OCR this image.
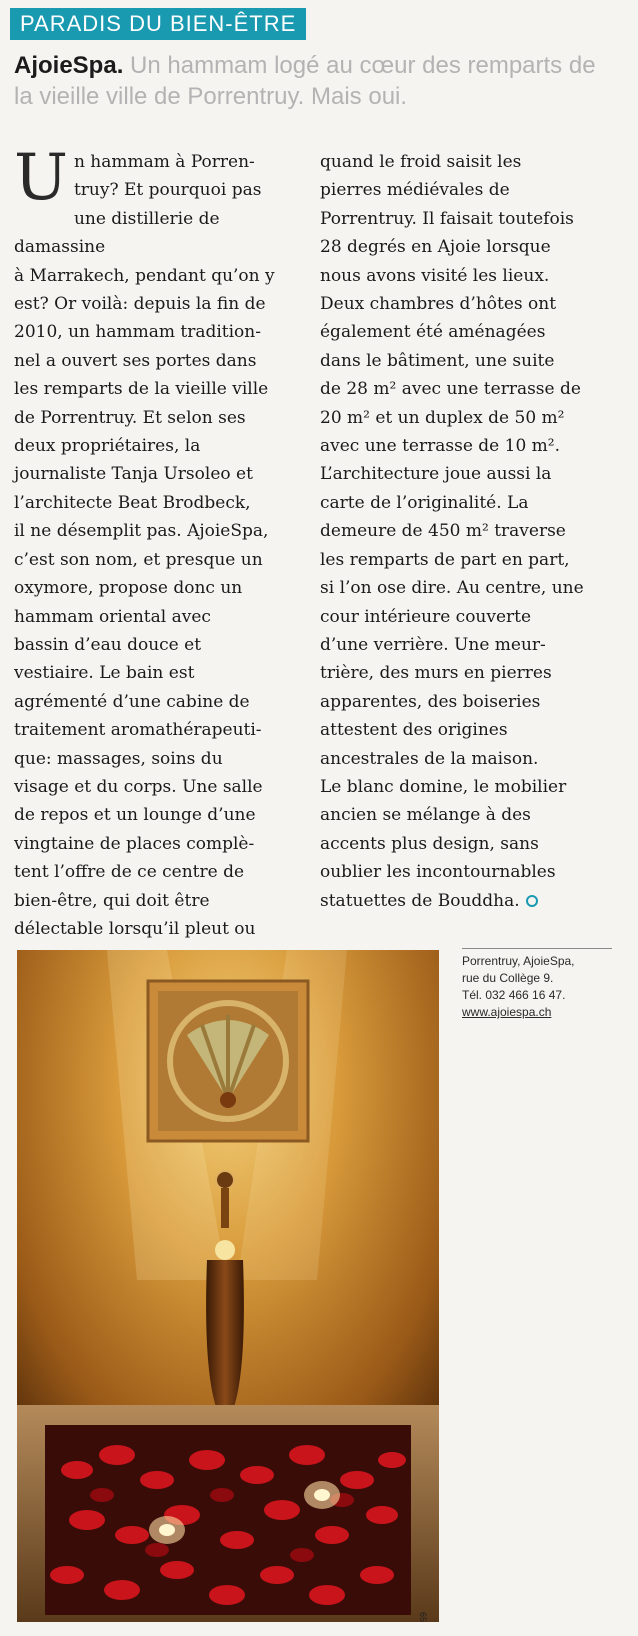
PARADIS DU BIEN-ÊTRE
AjoieSpa. Un hammam logé au cœur des remparts de la vieille ville de Porrentruy. Mais oui.
Un hammam à Porren-
truy? Et pourquoi pas
une distillerie de damassine
à Marrakech, pendant qu’on y
est? Or voilà: depuis la fin de
2010, un hammam tradition-
nel a ouvert ses portes dans
les remparts de la vieille ville
de Porrentruy. Et selon ses
deux propriétaires, la
journaliste Tanja Ursoleo et
l’architecte Beat Brodbeck,
il ne désemplit pas. AjoieSpa,
c’est son nom, et presque un
oxymore, propose donc un
hammam oriental avec
bassin d’eau douce et
vestiaire. Le bain est
agrémenté d’une cabine de
traitement aromathérapeuti-
que: massages, soins du
visage et du corps. Une salle
de repos et un lounge d’une
vingtaine de places complè-
tent l’offre de ce centre de
bien-être, qui doit être
délectable lorsqu’il pleut ou
quand le froid saisit les
pierres médiévales de
Porrentruy. Il faisait toutefois
28 degrés en Ajoie lorsque
nous avons visité les lieux.
Deux chambres d’hôtes ont
également été aménagées
dans le bâtiment, une suite
de 28 m² avec une terrasse de
20 m² et un duplex de 50 m²
avec une terrasse de 10 m².
L’architecture joue aussi la
carte de l’originalité. La
demeure de 450 m² traverse
les remparts de part en part,
si l’on ose dire. Au centre, une
cour intérieure couverte
d’une verrière. Une meur-
trière, des murs en pierres
apparentes, des boiseries
attestent des origines
ancestrales de la maison.
Le blanc domine, le mobilier
ancien se mélange à des
accents plus design, sans
oublier les incontournables
statuettes de Bouddha.
Porrentruy, AjoieSpa,
rue du Collège 9.
Tél. 032 466 16 47.
www.ajoiespa.ch
65
